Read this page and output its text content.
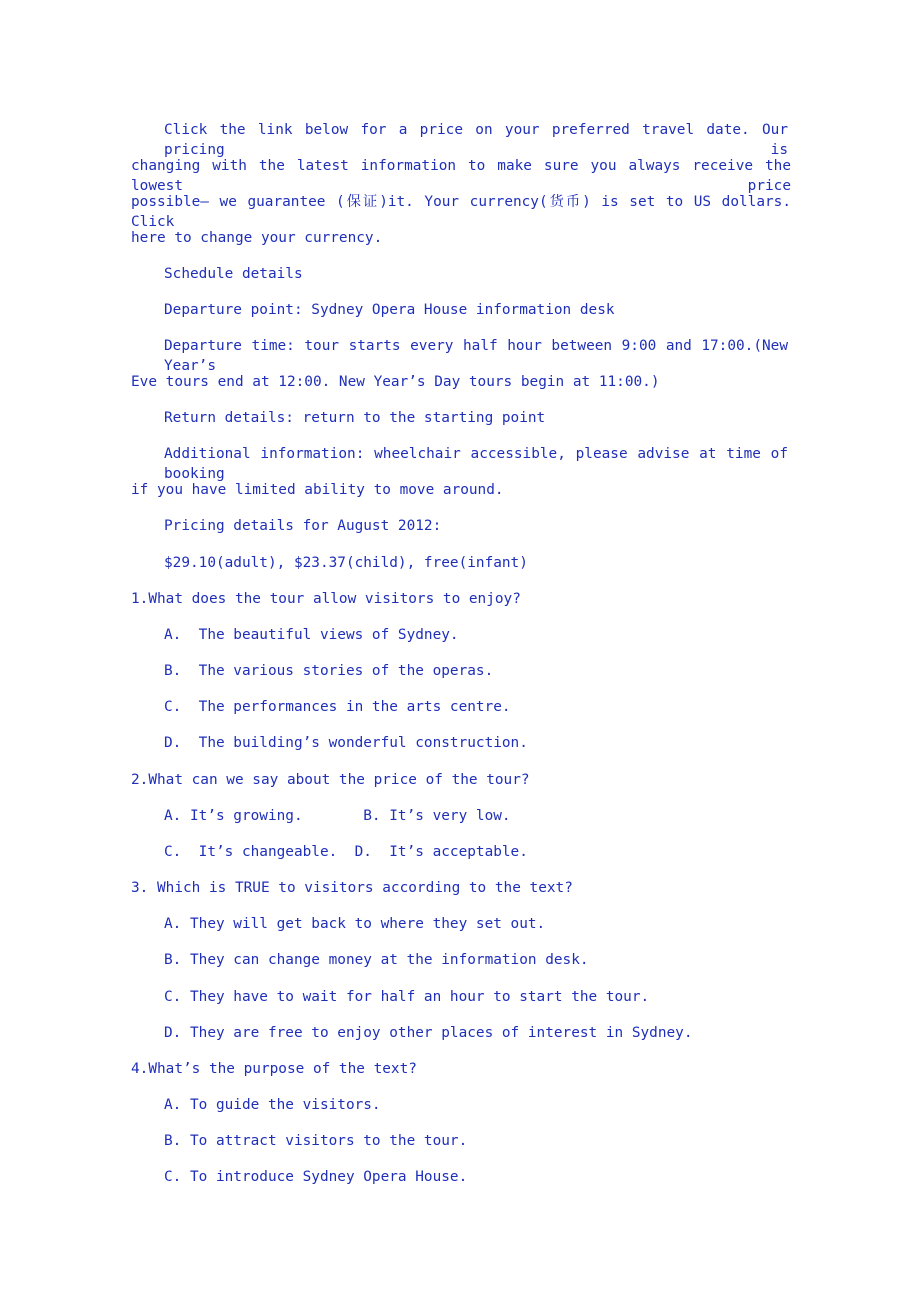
Click the link below for a price on your preferred travel date. Our pricing is
changing with the latest information to make sure you always receive the lowest price
possible— we guarantee (保证)it. Your currency(货币) is set to US dollars. Click
here to change your currency.
Schedule details
Departure point: Sydney Opera House information desk
Departure time: tour starts every half hour between 9:00 and 17:00.(New Year’s
Eve tours end at 12:00. New Year’s Day tours begin at 11:00.)
Return details: return to the starting point
Additional information: wheelchair accessible, please advise at time of booking
if you have limited ability to move around.
Pricing details for August 2012:
$29.10(adult), $23.37(child), free(infant)
1.What does the tour allow visitors to enjoy?
A.  The beautiful views of Sydney.
B.  The various stories of the operas.
C.  The performances in the arts centre.
D.  The building’s wonderful construction.
2.What can we say about the price of the tour?
A. It’s growing.       B. It’s very low.
C.  It’s changeable.  D.  It’s acceptable.
3. Which is TRUE to visitors according to the text?
A. They will get back to where they set out.
B. They can change money at the information desk.
C. They have to wait for half an hour to start the tour.
D. They are free to enjoy other places of interest in Sydney.
4.What’s the purpose of the text?
A. To guide the visitors.
B. To attract visitors to the tour.
C. To introduce Sydney Opera House.
